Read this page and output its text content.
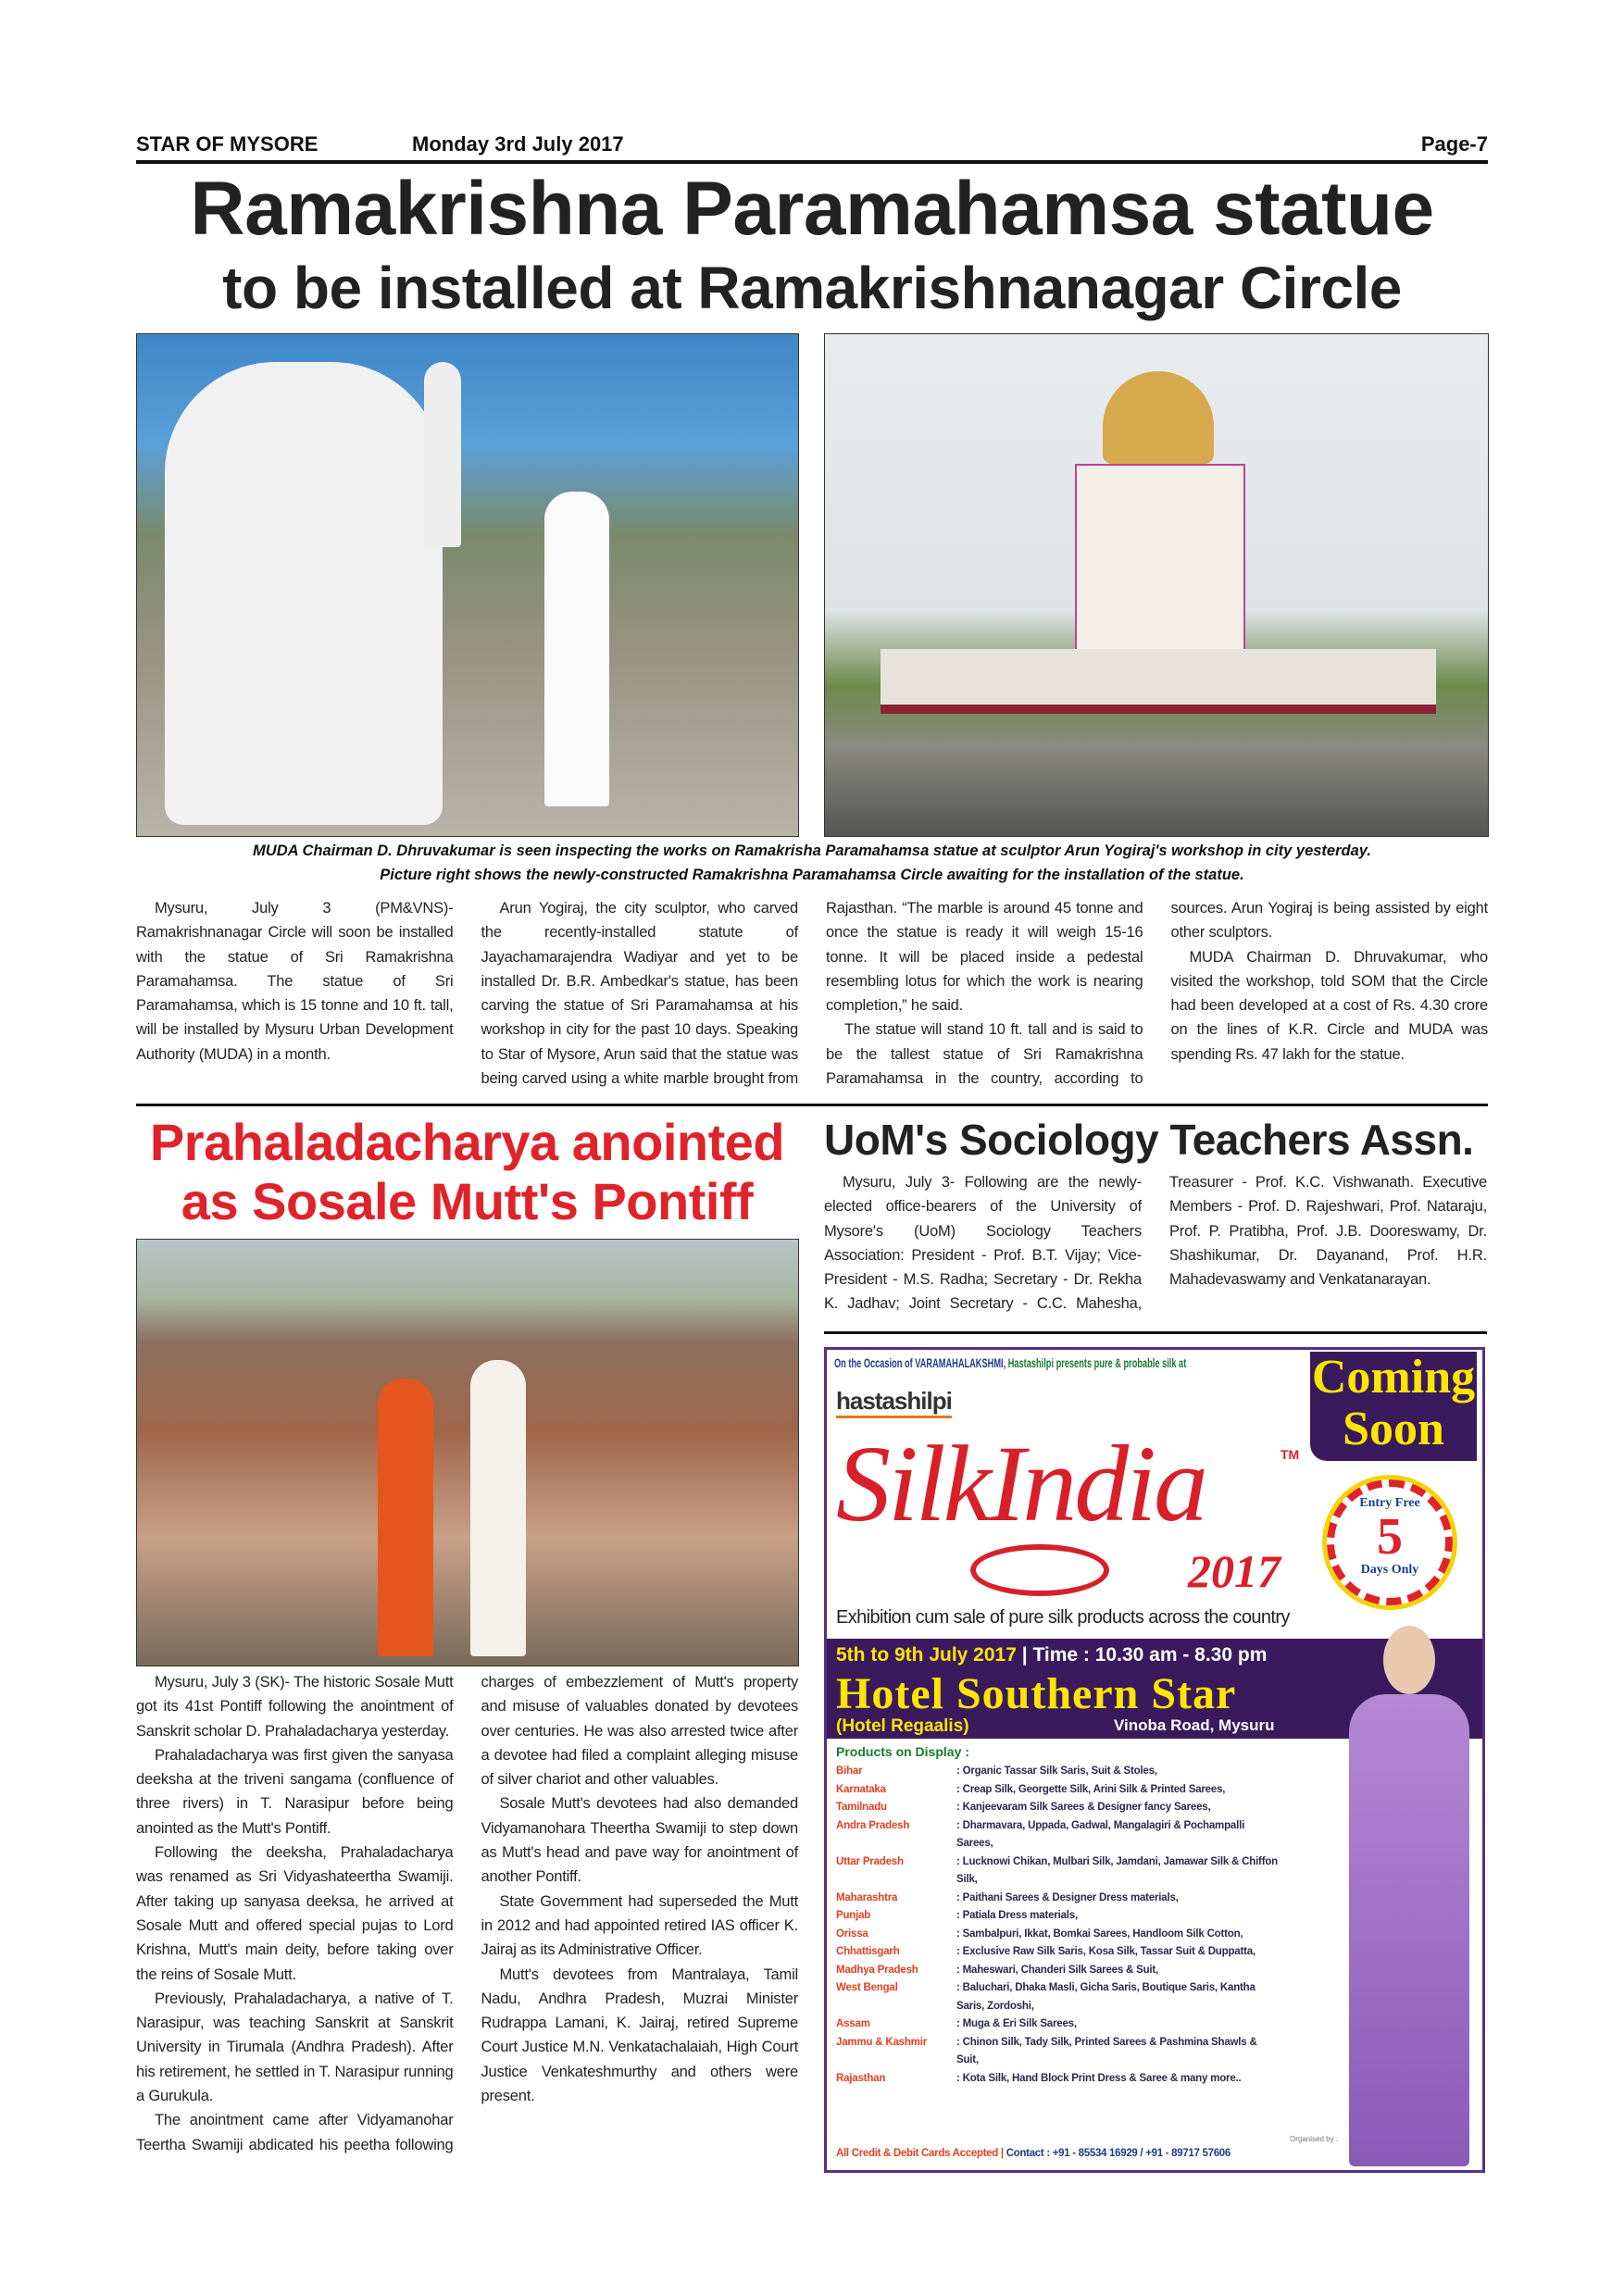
STAR OF MYSORE	Monday 3rd July 2017	Page-7
Ramakrishna Paramahamsa statue
to be installed at Ramakrishnanagar Circle
MUDA Chairman D. Dhruvakumar is seen inspecting the works on Ramakrisha Paramahamsa statue at sculptor Arun Yogiraj's workshop in city yesterday.
Picture right shows the newly-constructed Ramakrishna Paramahamsa Circle awaiting for the installation of the statue.

Mysuru, July 3 (PM&VNS)- Ramakrishnanagar Circle will soon be installed with the statue of Sri Ramakrishna Paramahamsa. The statue of Sri Paramahamsa, which is 15 tonne and 10 ft. tall, will be installed by Mysuru Urban Development Authority (MUDA) in a month.

Arun Yogiraj, the city sculptor, who carved the recently-installed statute of Jayachamarajendra Wadiyar and yet to be installed Dr. B.R. Ambedkar's statue, has been carving the statue of Sri Paramahamsa at his workshop in city for the past 10 days. Speaking to Star of Mysore, Arun said that the statue was being carved using a white marble brought from Rajasthan. “The marble is around 45 tonne and once the statue is ready it will weigh 15-16 tonne. It will be placed inside a pedestal resembling lotus for which the work is nearing completion,” he said.

The statue will stand 10 ft. tall and is said to be the tallest statue of Sri Ramakrishna Paramahamsa in the country, according to sources. Arun Yogiraj is being assisted by eight other sculptors.

MUDA Chairman D. Dhruvakumar, who visited the workshop, told SOM that the Circle had been developed at a cost of Rs. 4.30 crore on the lines of K.R. Circle and MUDA was spending Rs. 47 lakh for the statue.

Prahaladacharya anointed
as Sosale Mutt's Pontiff

Mysuru, July 3 (SK)- The historic Sosale Mutt got its 41st Pontiff following the anointment of Sanskrit scholar D. Prahaladacharya yesterday.

Prahaladacharya was first given the sanyasa deeksha at the triveni sangama (confluence of three rivers) in T. Narasipur before being anointed as the Mutt's Pontiff.

Following the deeksha, Prahaladacharya was renamed as Sri Vidyashateertha Swamiji. After taking up sanyasa deeksa, he arrived at Sosale Mutt and offered special pujas to Lord Krishna, Mutt's main deity, before taking over the reins of Sosale Mutt.

Previously, Prahaladacharya, a native of T. Narasipur, was teaching Sanskrit at Sanskrit University in Tirumala (Andhra Pradesh). After his retirement, he settled in T. Narasipur running a Gurukula.

The anointment came after Vidyamanohar Teertha Swamiji abdicated his peetha following charges of embezzlement of Mutt's property and misuse of valuables donated by devotees over centuries. He was also arrested twice after a devotee had filed a complaint alleging misuse of silver chariot and other valuables.

Sosale Mutt's devotees had also demanded Vidyamanohara Theertha Swamiji to step down as Mutt's head and pave way for anointment of another Pontiff.

State Government had superseded the Mutt in 2012 and had appointed retired IAS officer K. Jairaj as its Administrative Officer.

Mutt's devotees from Mantralaya, Tamil Nadu, Andhra Pradesh, Muzrai Minister Rudrappa Lamani, K. Jairaj, retired Supreme Court Justice M.N. Venkatachalaiah, High Court Justice Venkateshmurthy and others were present.

UoM's Sociology Teachers Assn.

Mysuru, July 3- Following are the newly-elected office-bearers of the University of Mysore's (UoM) Sociology Teachers Association: President - Prof. B.T. Vijay; Vice-President - M.S. Radha; Secretary - Dr. Rekha K. Jadhav; Joint Secretary - C.C. Mahesha, Treasurer - Prof. K.C. Vishwanath. Executive Members - Prof. D. Rajeshwari, Prof. Nataraju, Prof. P. Pratibha, Prof. J.B. Dooreswamy, Dr. Shashikumar, Dr. Dayanand, Prof. H.R. Mahadevaswamy and Venkatanarayan.

On the Occasion of VARAMAHALAKSHMI, Hastashilpi presents pure & probable silk at	Coming
Soon
hastashilpi
SilkIndia	TM
2017
Entry Free
5
Days Only
Exhibition cum sale of pure silk products across the country
5th to 9th July 2017 | Time : 10.30 am - 8.30 pm
Hotel Southern Star
(Hotel Regaalis)	Vinoba Road, Mysuru
Products on Display :
Bihar	: Organic Tassar Silk Saris, Suit & Stoles,
Karnataka	: Creap Silk, Georgette Silk, Arini Silk & Printed Sarees,
Tamilnadu	: Kanjeevaram Silk Sarees & Designer fancy Sarees,
Andra Pradesh	: Dharmavara, Uppada, Gadwal, Mangalagiri & Pochampalli Sarees,
Uttar Pradesh	: Lucknowi Chikan, Mulbari Silk, Jamdani, Jamawar Silk & Chiffon Silk,
Maharashtra	: Paithani Sarees & Designer Dress materials,
Punjab	: Patiala Dress materials,
Orissa	: Sambalpuri, Ikkat, Bomkai Sarees, Handloom Silk Cotton,
Chhattisgarh	: Exclusive Raw Silk Saris, Kosa Silk, Tassar Suit & Duppatta,
Madhya Pradesh	: Maheswari, Chanderi Silk Sarees & Suit,
West Bengal	: Baluchari, Dhaka Masli, Gicha Saris, Boutique Saris, Kantha Saris, Zordoshi,
Assam	: Muga & Eri Silk Sarees,
Jammu & Kashmir	: Chinon Silk, Tady Silk, Printed Sarees & Pashmina Shawls & Suit,
Rajasthan	: Kota Silk, Hand Block Print Dress & Saree & many more..
All Credit & Debit Cards Accepted | Contact : +91 - 85534 16929 / +91 - 89717 57606
Organised by :
